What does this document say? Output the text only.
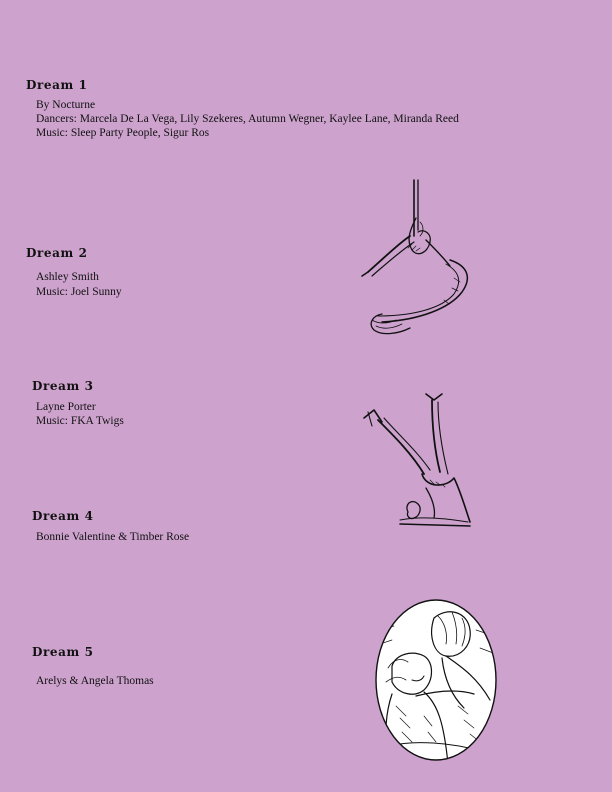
Dream 1

By Nocturne

Dancers: Marcela De La Vega, Lily Szekeres, Autumn Wegner, Kaylee Lane, Miranda Reed

Music: Sleep Party People, Sigur Ros

Dream 2

Ashley Smith

Music: Joel Sunny

Dream 3

Layne Porter

Music: FKA Twigs

Dream 4

Bonnie Valentine & Timber Rose

Dream 5

Arelys & Angela Thomas
